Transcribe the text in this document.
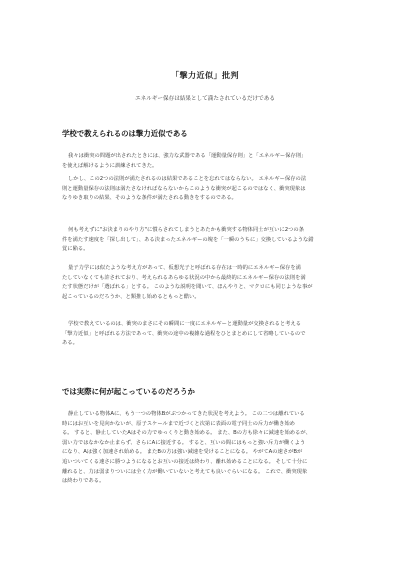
「撃力近似」批判
エネルギー保存は結果として満たされているだけである
学校で教えられるのは撃力近似である
我々は衝突の問題が出されたときには、強力な武器である「運動量保存則」と「エネルギー保存則」
を使えば解けるように訓練されてきた。
しかし、この2つの法則が満たされるのは結果であることを忘れてはならない。 エネルギー保存の法
則と運動量保存の法則は満たさなければならないからこのような衝突が起こるのではなく、衝突現象は
なりゆき取りの結果、そのような条件が満たされる動きをするのである。
何も考えずに"お決まりのやり方"に慣らされてしまうとあたかも衝突する物体同士が互いに2つの条
件を満たす速度を「探し出して」、ある決まったエネルギーの塊を「一瞬のうちに」交換しているような錯
覚に陥る。
量子力学には似たような考え方があって、仮想光子と呼ばれる存在は一時的にエネルギー保存を満
たしていなくても許されており、考えられるあらゆる状況の中から最終的にエネルギー保存の法則を満
たす状態だけが「選ばれる」とする。 このような説明を聞いて、ほんやりと、マクロにも同じような事が
起こっているのだろうか、と類推し始めるともっと酷い。
学校で教えているのは、衝突のまさにその瞬間に一度にエネルギーと運動量が交換されると考える
「撃力近似」と呼ばれる方法であって、衝突の途中の複雑な過程をひとまとめにして省略しているので
ある。
では実際に何が起こっているのだろうか
静止している物体Aに、もう一つの物体Bがぶつかってきた状況を考えよう。 この二つは離れている
時にはお互いを見向かないが、原子スケールまで近づくと次第に表面の電子同士の斥力が働き始め
る。 すると、静止していたAはその力でゆっくりと動き始める。 また、Bの方も徐々に減速を始めるが、
弱い力ではなかなか止まらず、さらにAに接近する。 すると、互いの間にはもっと強い斥力が働くよう
になり、Aは強く加速され始める。 またBの方は強い減速を受けることになる。 やがてAの速さがBが
追いついてくる速さに勝つようになるとお互いの接近は終わり、離れ始めることになる。 そして十分に
離れると、力は弱まりついには全く力が働いていないと考えても良いぐらいになる。 これで、衝突現象
は終わりである。
